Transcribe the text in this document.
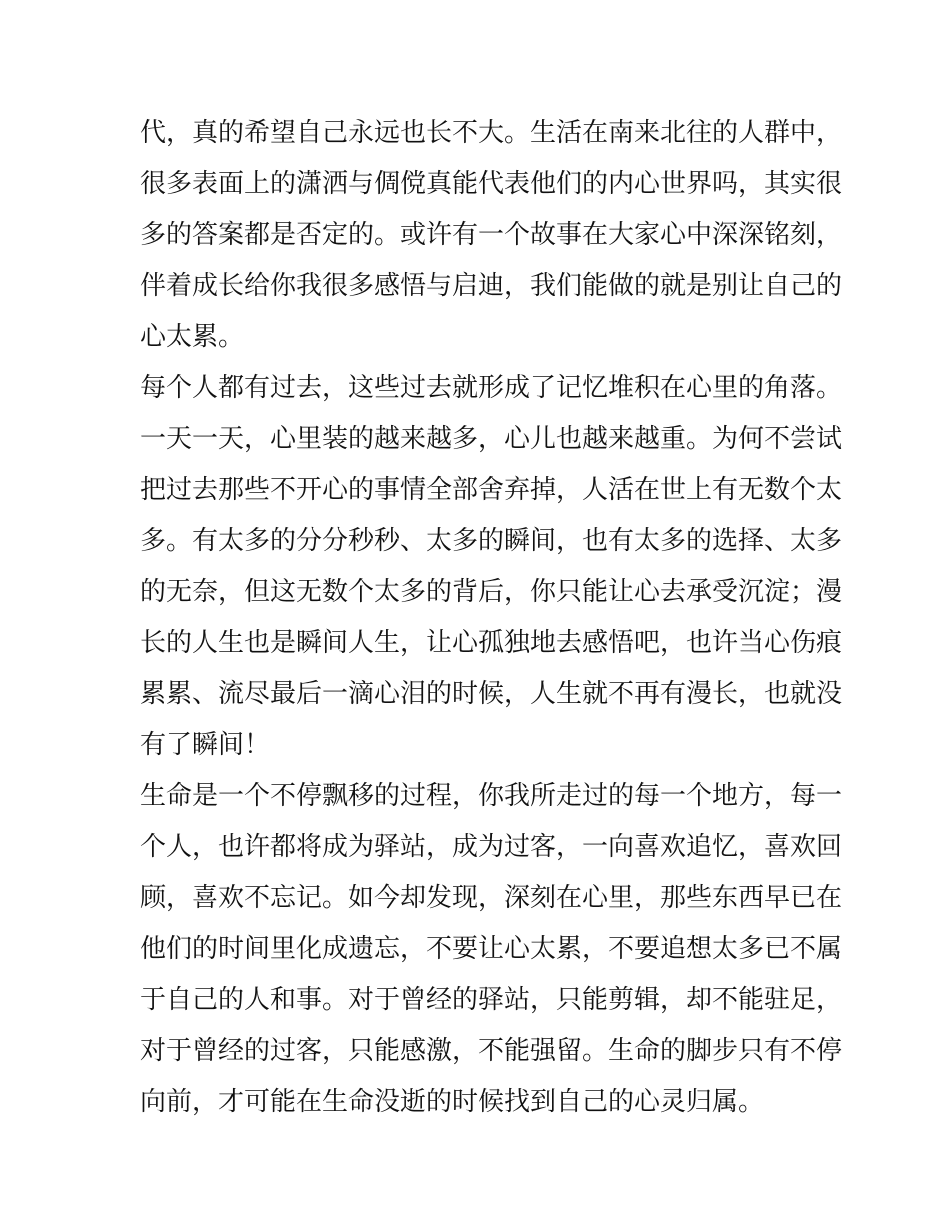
代，真的希望自己永远也长不大。生活在南来北往的人群中，
很多表面上的潇洒与倜傥真能代表他们的内心世界吗，其实很
多的答案都是否定的。或许有一个故事在大家心中深深铭刻，
伴着成长给你我很多感悟与启迪，我们能做的就是别让自己的
心太累。
每个人都有过去，这些过去就形成了记忆堆积在心里的角落。
一天一天，心里装的越来越多，心儿也越来越重。为何不尝试
把过去那些不开心的事情全部舍弃掉，人活在世上有无数个太
多。有太多的分分秒秒、太多的瞬间，也有太多的选择、太多
的无奈，但这无数个太多的背后，你只能让心去承受沉淀；漫
长的人生也是瞬间人生，让心孤独地去感悟吧，也许当心伤痕
累累、流尽最后一滴心泪的时候，人生就不再有漫长，也就没
有了瞬间！
生命是一个不停飘移的过程，你我所走过的每一个地方，每一
个人，也许都将成为驿站，成为过客，一向喜欢追忆，喜欢回
顾，喜欢不忘记。如今却发现，深刻在心里，那些东西早已在
他们的时间里化成遗忘，不要让心太累，不要追想太多已不属
于自己的人和事。对于曾经的驿站，只能剪辑，却不能驻足，
对于曾经的过客，只能感激，不能强留。生命的脚步只有不停
向前，才可能在生命没逝的时候找到自己的心灵归属。
